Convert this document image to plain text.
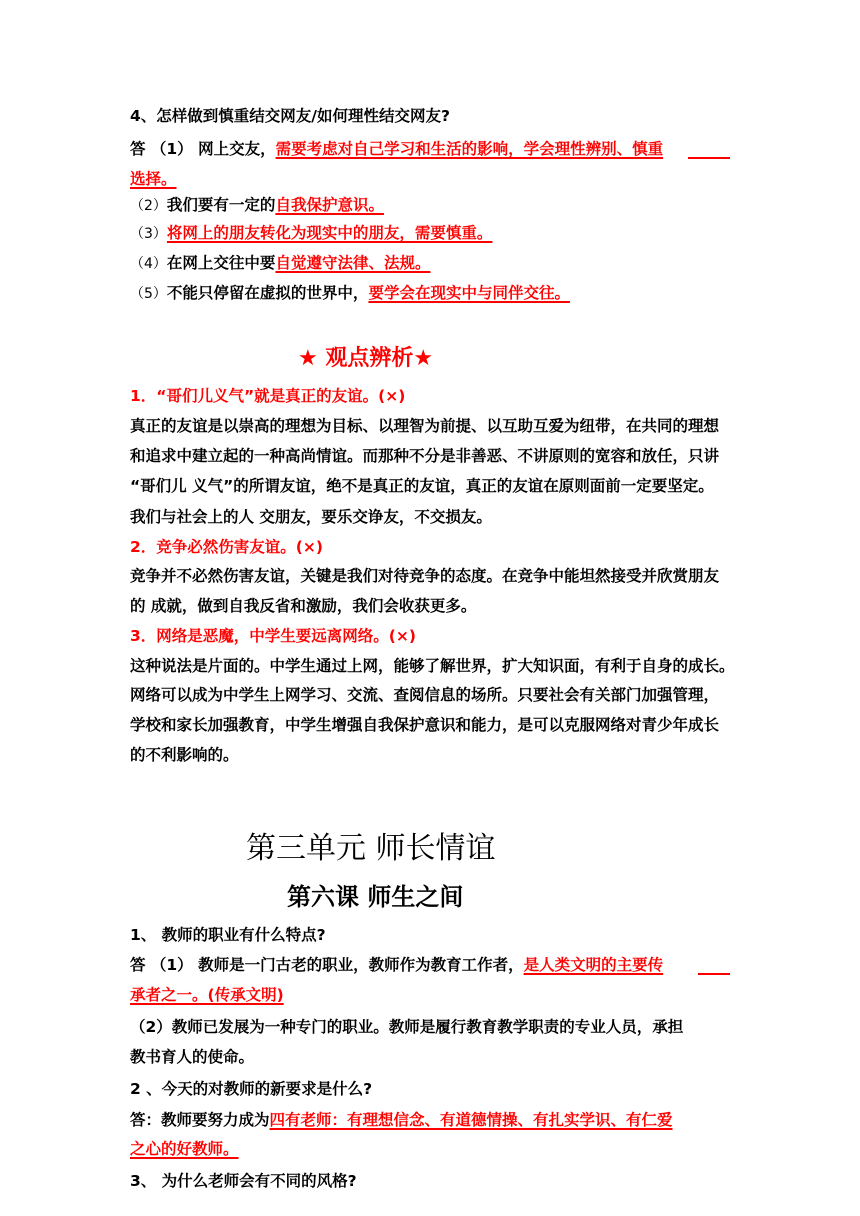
4、怎样做到慎重结交网友/如何理性结交网友?
答 （1） 网上交友，需要考虑对自己学习和生活的影响，学会理性辨别、慎重
选择。
（2）我们要有一定的自我保护意识。
（3）将网上的朋友转化为现实中的朋友，需要慎重。
（4）在网上交往中要自觉遵守法律、法规。
（5）不能只停留在虚拟的世界中，要学会在现实中与同伴交往。
★ 观点辨析★
1．“哥们儿义气”就是真正的友谊。(×)
真正的友谊是以崇高的理想为目标、以理智为前提、以互助互爱为纽带，在共同的理想
和追求中建立起的一种高尚情谊。而那种不分是非善恶、不讲原则的宽容和放任，只讲
“哥们儿 义气”的所谓友谊，绝不是真正的友谊，真正的友谊在原则面前一定要坚定。
我们与社会上的人 交朋友，要乐交诤友，不交损友。
2．竞争必然伤害友谊。(×)
竞争并不必然伤害友谊，关键是我们对待竞争的态度。在竞争中能坦然接受并欣赏朋友
的 成就，做到自我反省和激励，我们会收获更多。
3．网络是恶魔，中学生要远离网络。(×)
这种说法是片面的。中学生通过上网，能够了解世界，扩大知识面，有利于自身的成长。
网络可以成为中学生上网学习、交流、查阅信息的场所。只要社会有关部门加强管理，
学校和家长加强教育，中学生增强自我保护意识和能力，是可以克服网络对青少年成长
的不利影响的。
第三单元 师长情谊
第六课 师生之间
1、 教师的职业有什么特点?
答 （1） 教师是一门古老的职业，教师作为教育工作者，是人类文明的主要传
承者之一。(传承文明)
（2）教师已发展为一种专门的职业。教师是履行教育教学职责的专业人员，承担
教书育人的使命。
2 、今天的对教师的新要求是什么?
答：教师要努力成为四有老师：有理想信念、有道德情操、有扎实学识、有仁爱
之心的好教师。
3、 为什么老师会有不同的风格?
